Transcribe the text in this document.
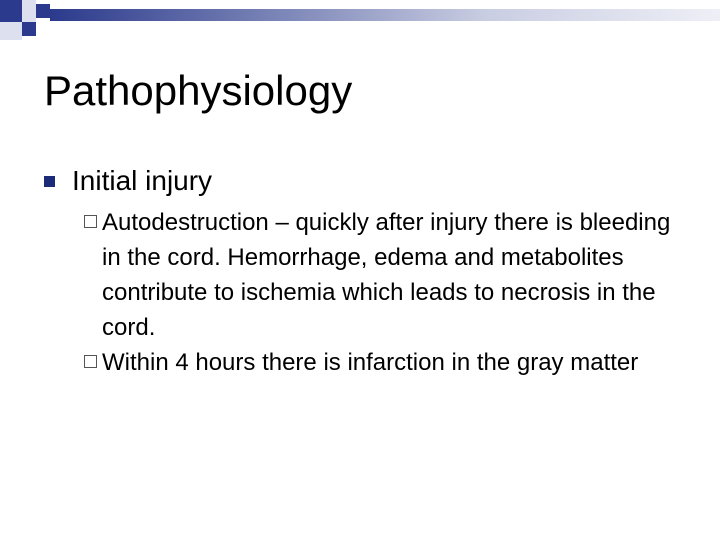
Pathophysiology
Initial injury
Autodestruction – quickly after injury there is bleeding in the cord. Hemorrhage, edema and metabolites contribute to ischemia which leads to necrosis in the cord.
Within 4 hours there is infarction in the gray matter
